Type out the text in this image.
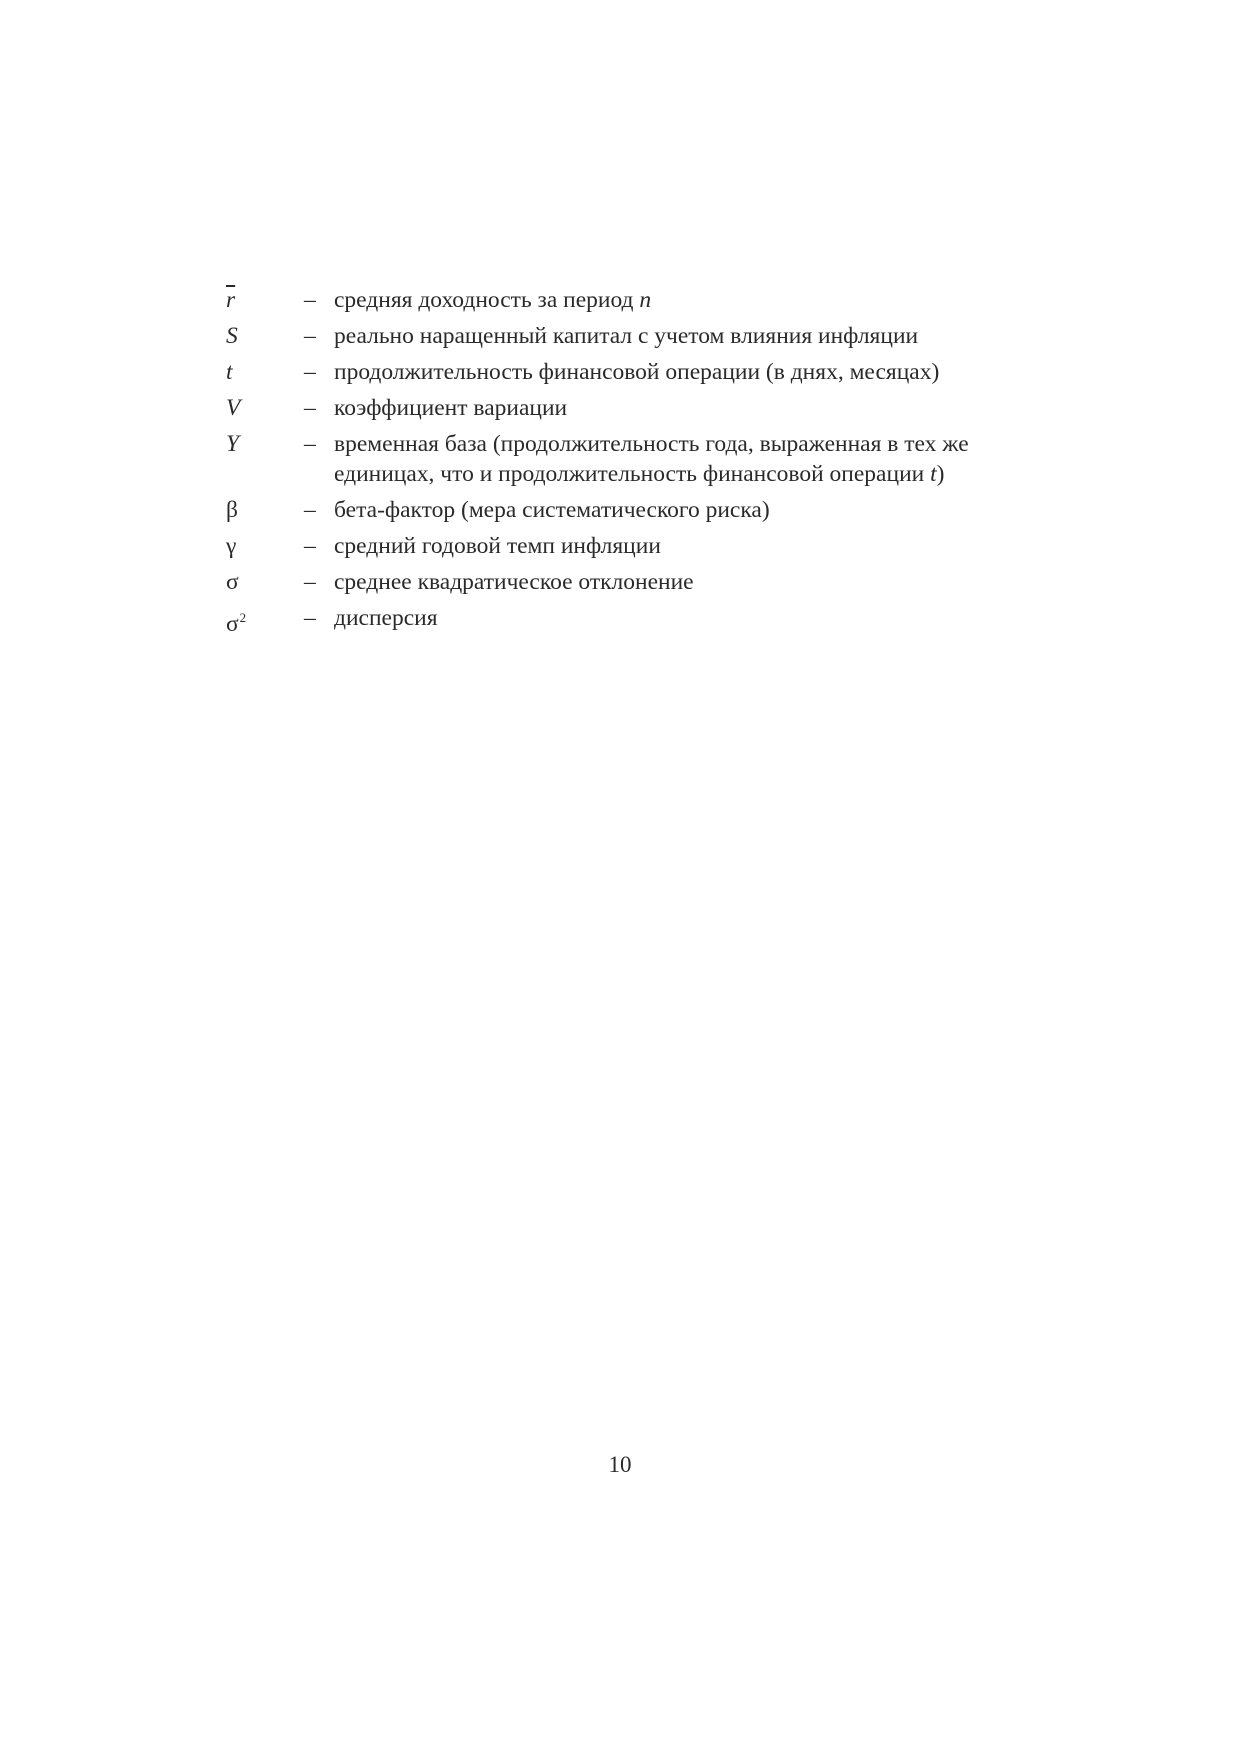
$\overline{r}$	– средняя доходность за период n
S	– реально наращенный капитал с учетом влияния инфляции
t	– продолжительность финансовой операции (в днях, месяцах)
V	– коэффициент вариации
Y	– временная база (продолжительность года, выраженная в тех же
единицах, что и продолжительность финансовой операции t)
β	– бета-фактор (мера систематического риска)
γ	– средний годовой темп инфляции
σ	– среднее квадратическое отклонение
$\sigma^2$	– дисперсия
10
